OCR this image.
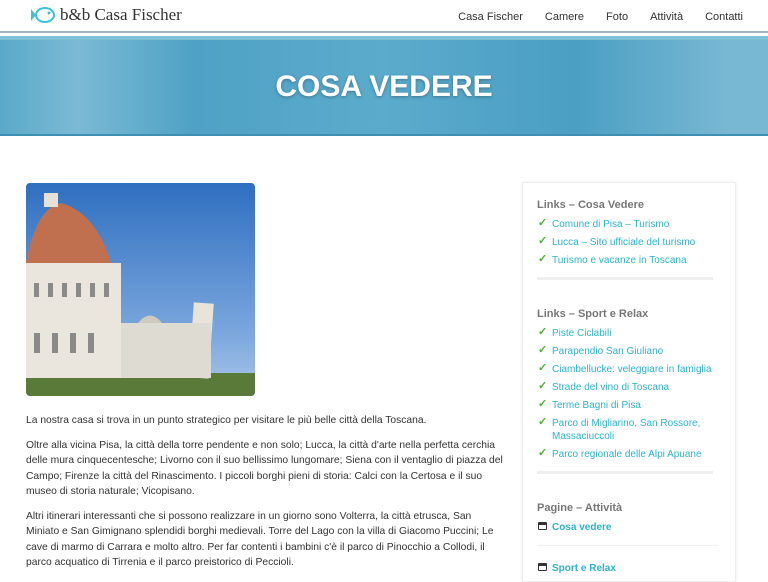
b&b Casa Fischer	Casa Fischer Camere Foto Attività Contatti
COSA VEDERE

La nostra casa si trova in un punto strategico per visitare le più belle città della Toscana.

Oltre alla vicina Pisa, la città della torre pendente e non solo; Lucca, la città d'arte nella perfetta cerchia delle mura cinquecentesche; Livorno con il suo bellissimo lungomare; Siena con il ventaglio di piazza del Campo; Firenze la città del Rinascimento. I piccoli borghi pieni di storia: Calci con la Certosa e il suo museo di storia naturale; Vicopisano.

Altri itinerari interessanti che si possono realizzare in un giorno sono Volterra, la città etrusca, San Miniato e San Gimignano splendidi borghi medievali. Torre del Lago con la villa di Giacomo Puccini; Le cave di marmo di Carrara e molto altro. Per far contenti i bambini c'è il parco di Pinocchio a Collodi, il parco acquatico di Tirrenia e il parco preistorico di Peccioli.

Links – Cosa Vedere
✓ Comune di Pisa – Turismo
✓ Lucca – Sito ufficiale del turismo
✓ Turismo e vacanze in Toscana
Links – Sport e Relax
✓ Piste Ciclabili
✓ Parapendio San Giuliano
✓ Ciambellucke: veleggiare in famiglia
✓ Strade del vino di Toscana
✓ Terme Bagni di Pisa
✓ Parco di Migliarino, San Rossore, Massaciuccoli
✓ Parco regionale delle Alpi Apuane
Pagine – Attività
Cosa vedere
Sport e Relax
